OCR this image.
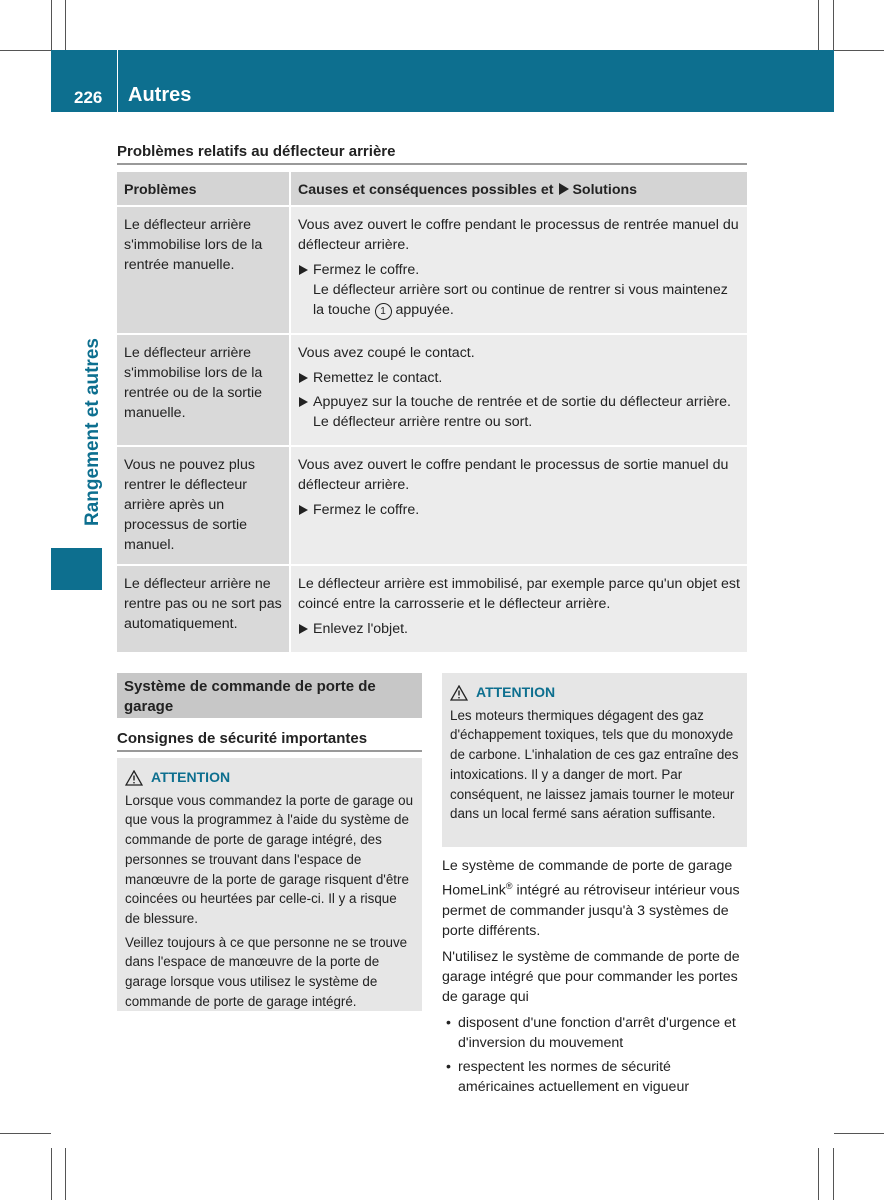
226 Autres
Rangement et autres
Problèmes relatifs au déflecteur arrière
Problèmes	Causes et conséquences possibles et Solutions
Le déflecteur arrière s'immobilise lors de la rentrée manuelle.	Vous avez ouvert le coffre pendant le processus de rentrée manuel du déflecteur arrière.

Fermez le coffre.
Le déflecteur arrière sort ou continue de rentrer si vous maintenez la touche 1 appuyée.

Le déflecteur arrière s'immobilise lors de la rentrée ou de la sortie manuelle.	Vous avez coupé le contact.

Remettez le contact.
Appuyez sur la touche de rentrée et de sortie du déflecteur arrière.
Le déflecteur arrière rentre ou sort.

Vous ne pouvez plus rentrer le déflecteur arrière après un processus de sortie manuel.	Vous avez ouvert le coffre pendant le processus de sortie manuel du déflecteur arrière.

Fermez le coffre.

Le déflecteur arrière ne rentre pas ou ne sort pas automatiquement.	Le déflecteur arrière est immobilisé, par exemple parce qu'un objet est coincé entre la carrosserie et le déflecteur arrière.

Enlevez l'objet.
Système de commande de porte de garage
Consignes de sécurité importantes
ATTENTION

Lorsque vous commandez la porte de garage ou que vous la programmez à l'aide du système de commande de porte de garage intégré, des personnes se trouvant dans l'espace de manœuvre de la porte de garage risquent d'être coincées ou heurtées par celle-ci. Il y a risque de blessure.

Veillez toujours à ce que personne ne se trouve dans l'espace de manœuvre de la porte de garage lorsque vous utilisez le système de commande de porte de garage intégré.

ATTENTION

Les moteurs thermiques dégagent des gaz d'échappement toxiques, tels que du monoxyde de carbone. L'inhalation de ces gaz entraîne des intoxications. Il y a danger de mort. Par conséquent, ne laissez jamais tourner le moteur dans un local fermé sans aération suffisante.

Le système de commande de porte de garage HomeLink® intégré au rétroviseur intérieur vous permet de commander jusqu'à 3 systèmes de porte différents.

N'utilisez le système de commande de porte de garage intégré que pour commander les portes de garage qui

• disposent d'une fonction d'arrêt d'urgence et d'inversion du mouvement
• respectent les normes de sécurité américaines actuellement en vigueur
